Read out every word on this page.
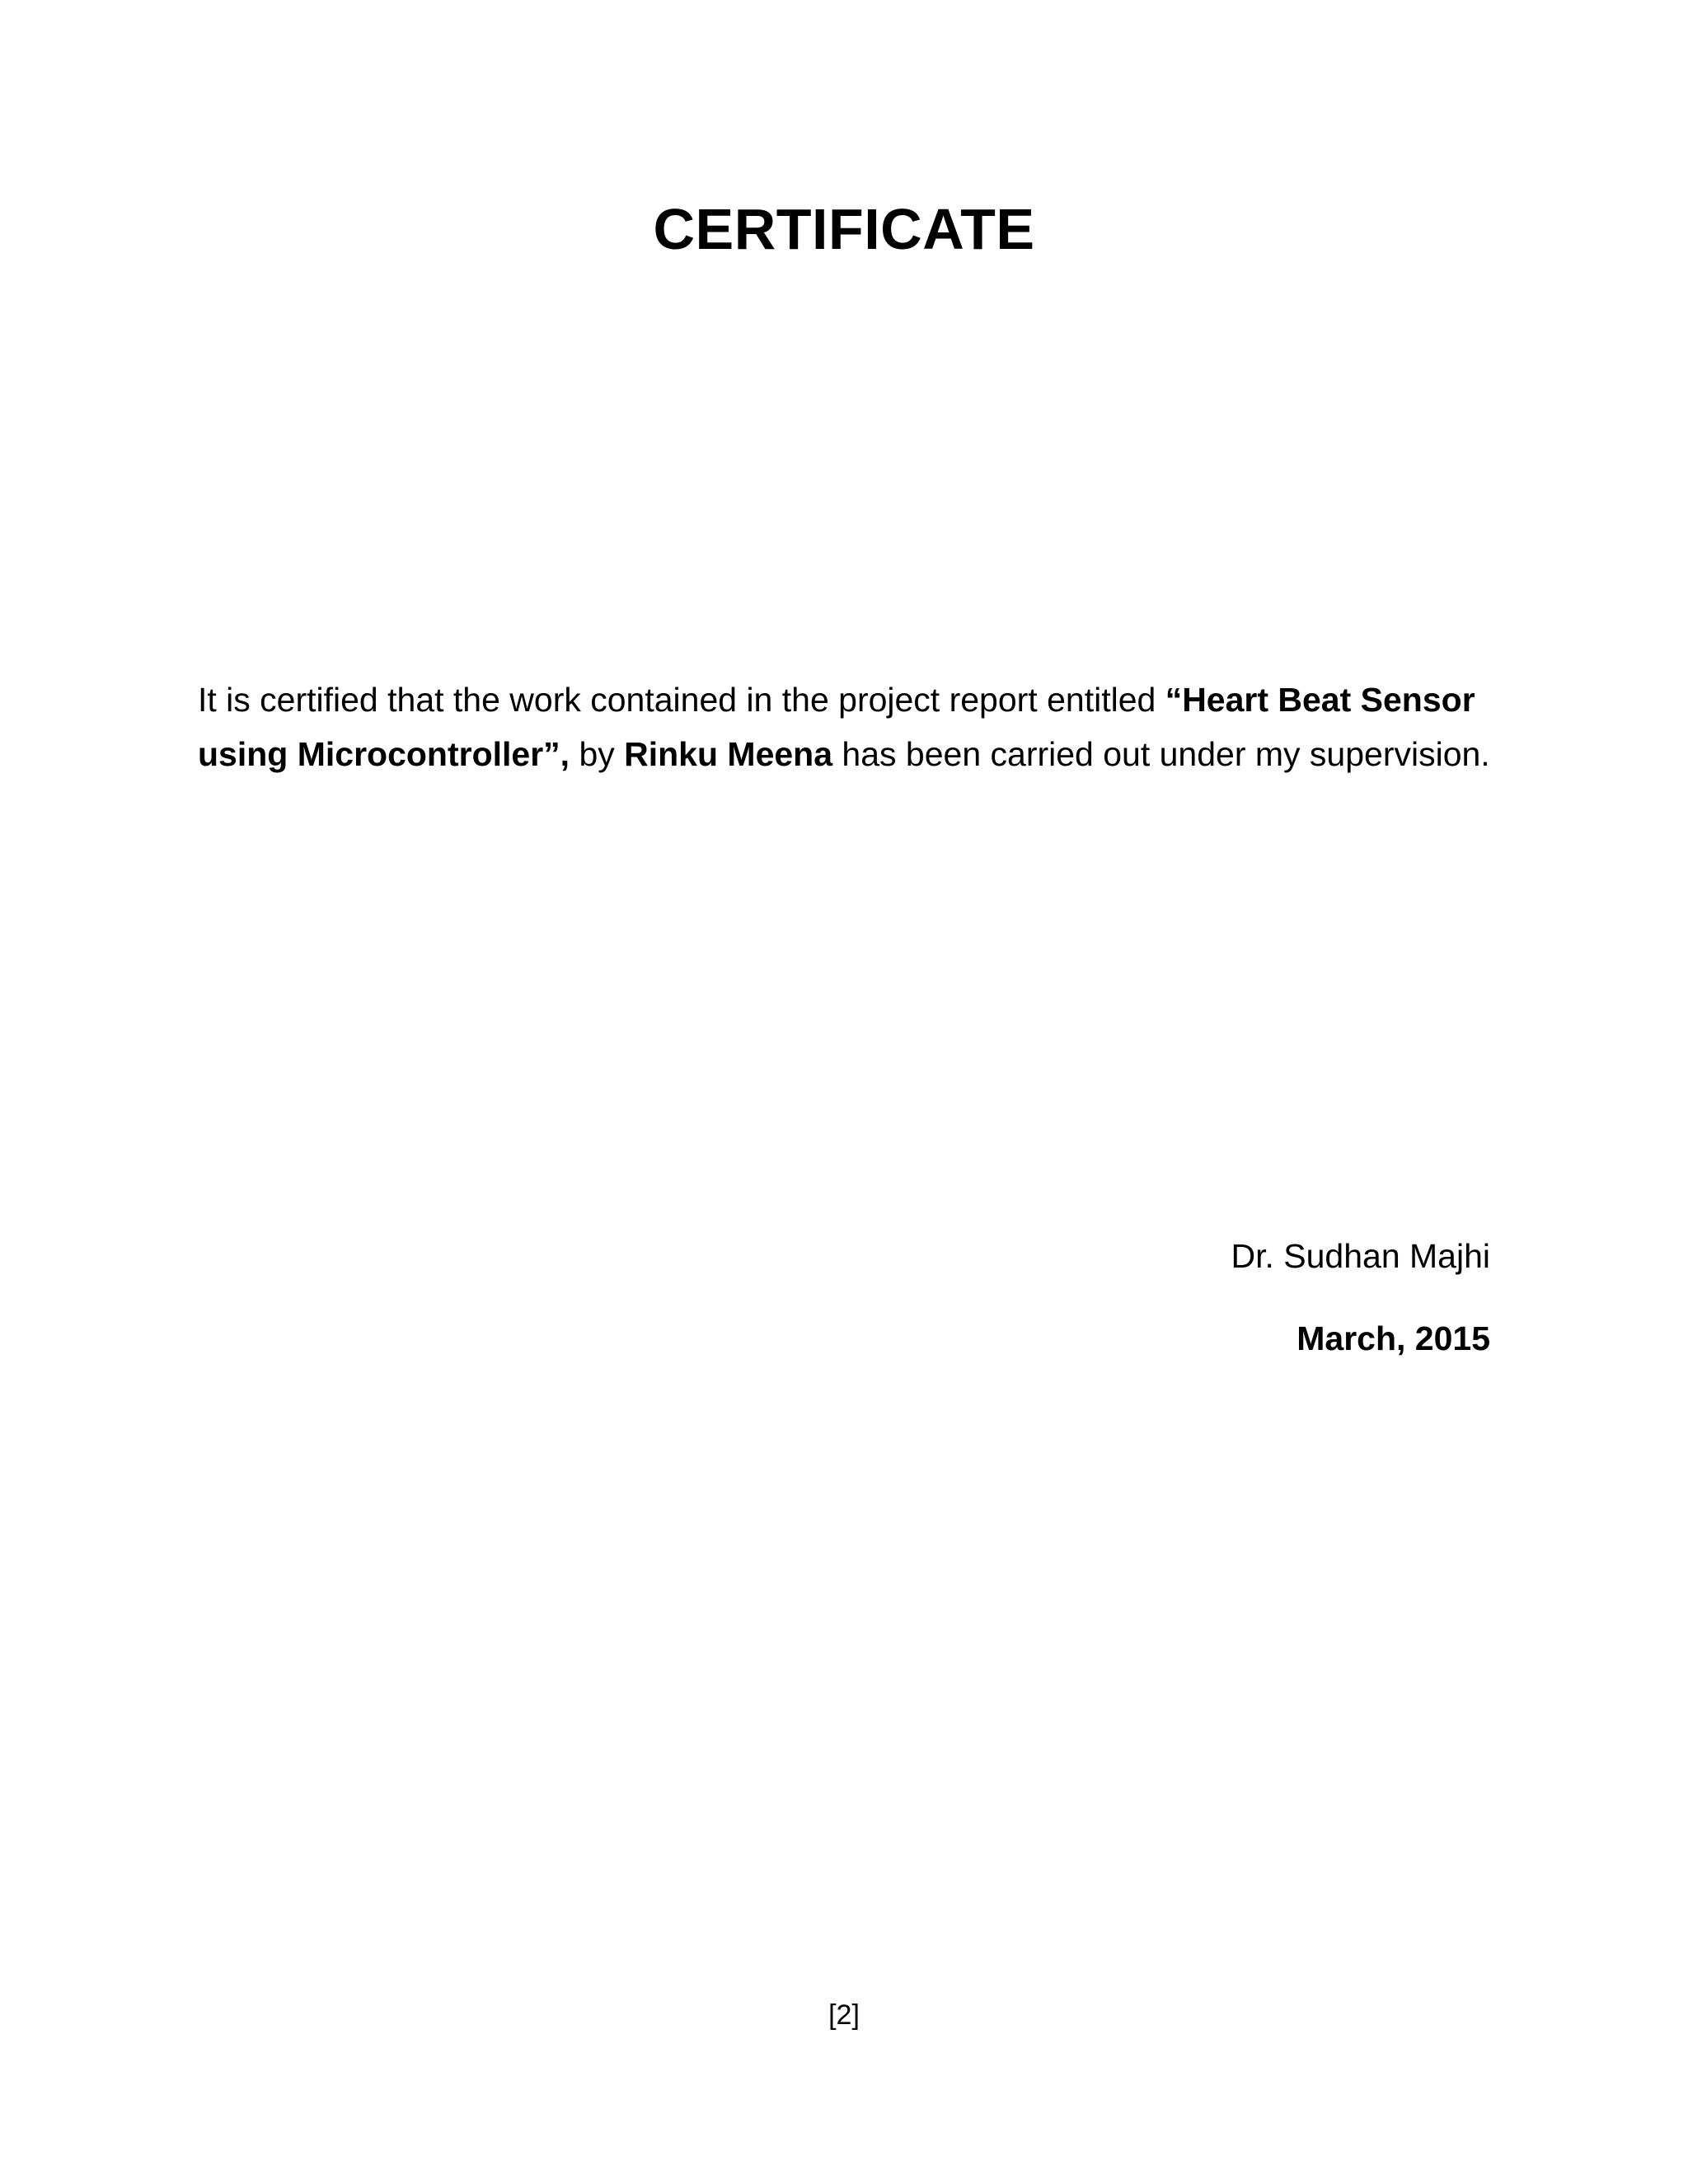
CERTIFICATE

It is certified that the work contained in the project report entitled “Heart Beat Sensor using Microcontroller”, by Rinku Meena has been carried out under my supervision.

Dr. Sudhan Majhi
March, 2015
[2]
